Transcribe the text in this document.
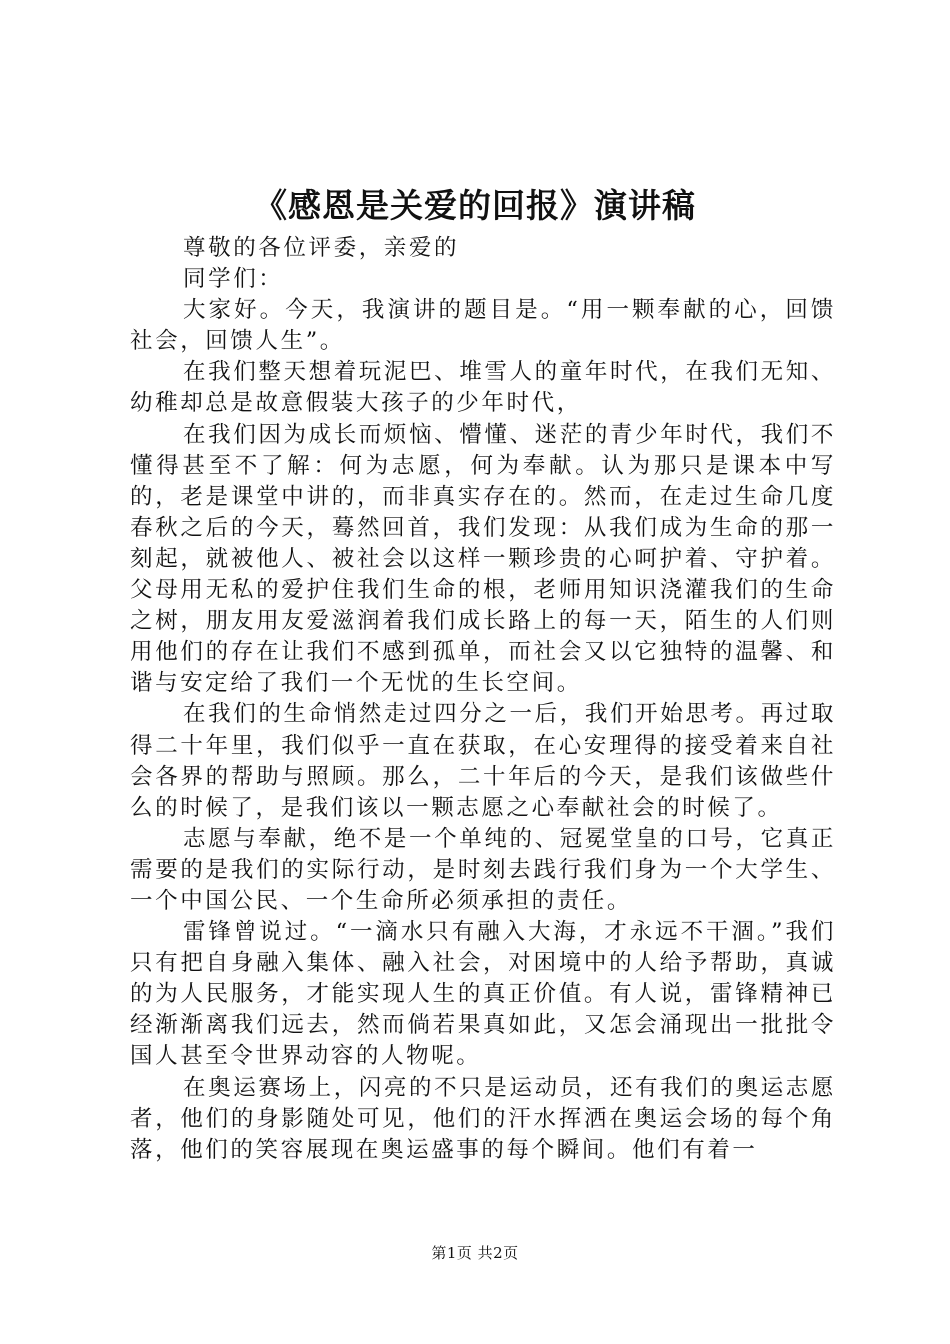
《感恩是关爱的回报》演讲稿

尊敬的各位评委，亲爱的

同学们：

大家好。今天，我演讲的题目是。“用一颗奉献的心，回馈社会，回馈人生”。

在我们整天想着玩泥巴、堆雪人的童年时代，在我们无知、幼稚却总是故意假装大孩子的少年时代，

在我们因为成长而烦恼、懵懂、迷茫的青少年时代，我们不懂得甚至不了解：何为志愿，何为奉献。认为那只是课本中写的，老是课堂中讲的，而非真实存在的。然而，在走过生命几度春秋之后的今天，蓦然回首，我们发现：从我们成为生命的那一刻起，就被他人、被社会以这样一颗珍贵的心呵护着、守护着。父母用无私的爱护住我们生命的根，老师用知识浇灌我们的生命之树，朋友用友爱滋润着我们成长路上的每一天，陌生的人们则用他们的存在让我们不感到孤单，而社会又以它独特的温馨、和谐与安定给了我们一个无忧的生长空间。

在我们的生命悄然走过四分之一后，我们开始思考。再过取得二十年里，我们似乎一直在获取，在心安理得的接受着来自社会各界的帮助与照顾。那么，二十年后的今天，是我们该做些什么的时候了，是我们该以一颗志愿之心奉献社会的时候了。

志愿与奉献，绝不是一个单纯的、冠冕堂皇的口号，它真正需要的是我们的实际行动，是时刻去践行我们身为一个大学生、一个中国公民、一个生命所必须承担的责任。

雷锋曾说过。“一滴水只有融入大海，才永远不干涸。”我们只有把自身融入集体、融入社会，对困境中的人给予帮助，真诚的为人民服务，才能实现人生的真正价值。有人说，雷锋精神已经渐渐离我们远去，然而倘若果真如此，又怎会涌现出一批批令国人甚至令世界动容的人物呢。

在奥运赛场上，闪亮的不只是运动员，还有我们的奥运志愿者，他们的身影随处可见，他们的汗水挥洒在奥运会场的每个角落，他们的笑容展现在奥运盛事的每个瞬间。他们有着一

第1页 共2页
